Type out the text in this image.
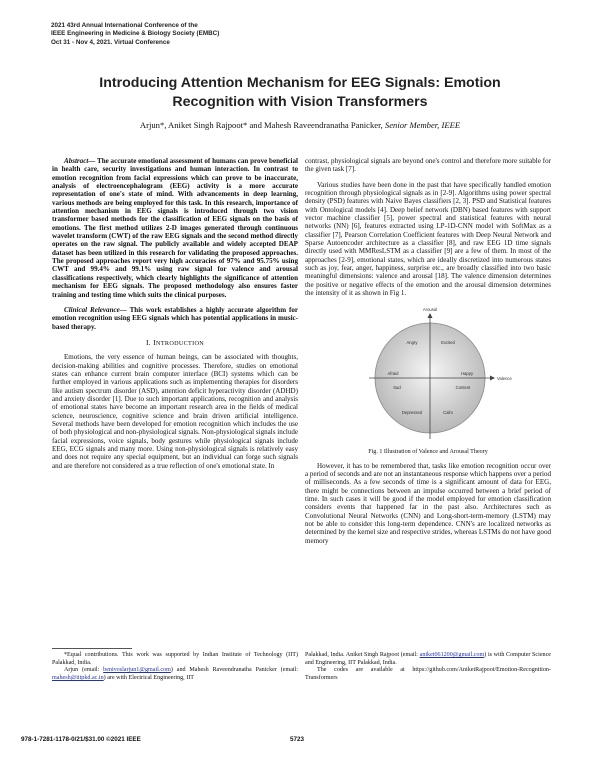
2021 43rd Annual International Conference of the
IEEE Engineering in Medicine & Biology Society (EMBC)
Oct 31 - Nov 4, 2021. Virtual Conference
Introducing Attention Mechanism for EEG Signals: Emotion
Recognition with Vision Transformers
Arjun*, Aniket Singh Rajpoot* and Mahesh Raveendranatha Panicker, Senior Member, IEEE

Abstract— The accurate emotional assessment of humans can prove beneficial in health care, security investigations and human interaction. In contrast to emotion recognition from facial expressions which can prove to be inaccurate, analysis of electroencephalogram (EEG) activity is a more accurate representation of one's state of mind. With advancements in deep learning, various methods are being employed for this task. In this research, importance of attention mechanism in EEG signals is introduced through two vision transformer based methods for the classification of EEG signals on the basis of emotions. The first method utilizes 2-D images generated through continuous wavelet transform (CWT) of the raw EEG signals and the second method directly operates on the raw signal. The publicly available and widely accepted DEAP dataset has been utilized in this research for validating the proposed approaches. The proposed approaches report very high accuracies of 97% and 95.75% using CWT and 99.4% and 99.1% using raw signal for valence and arousal classifications respectively, which clearly highlights the significance of attention mechanism for EEG signals. The proposed methodology also ensures faster training and testing time which suits the clinical purposes.

Clinical Relevance— This work establishes a highly accurate algorithm for emotion recognition using EEG signals which has potential applications in music-based therapy.

I. INTRODUCTION

Emotions, the very essence of human beings, can be associated with thoughts, decision-making abilities and cognitive processes. Therefore, studies on emotional states can enhance current brain computer interface (BCI) systems which can be further employed in various applications such as implementing therapies for disorders like autism spectrum disorder (ASD), attention deficit hyperactivity disorder (ADHD) and anxiety disorder [1]. Due to such important applications, recognition and analysis of emotional states have become an important research area in the fields of medical science, neuroscience, cognitive science and brain driven artificial intelligence. Several methods have been developed for emotion recognition which includes the use of both physiological and non-physiological signals. Non-physiological signals include facial expressions, voice signals, body gestures while physiological signals include EEG, ECG signals and many more. Using non-physiological signals is relatively easy and does not require any special equipment, but an individual can forge such signals and are therefore not considered as a true reflection of one's emotional state. In

contrast, physiological signals are beyond one's control and therefore more suitable for the given task [7].

Various studies have been done in the past that have specifically handled emotion recognition through physiological signals as in [2-9]. Algorithms using power spectral density (PSD) features with Naive Bayes classifiers [2, 3]. PSD and Statistical features with Ontological models [4]. Deep belief network (DBN) based features with support vector machine classifier [5], power spectral and statistical features with neural networks (NN) [6], features extracted using LP-1D-CNN model with SoftMax as a classifier [7], Pearson Correlation Coefficient features with Deep Neural Network and Sparse Autoencoder architecture as a classifier [8], and raw EEG 1D time signals directly used with MMResLSTM as a classifier [9] are a few of them. In most of the approaches [2-9], emotional states, which are ideally discretized into numerous states such as joy, fear, anger, happiness, surprise etc., are broadly classified into two basic meaningful dimensions: valence and arousal [18]. The valence dimension determines the positive or negative effects of the emotion and the arousal dimension determines the intensity of it as shown in Fig 1.

Arousal
Valence
Angry	Excited
Afraid	Happy
Sad	Content
Depressed	Calm

Fig. 1 Illustration of Valence and Arousal Theory

However, it has to be remembered that, tasks like emotion recognition occur over a period of seconds and are not an instantaneous response which happens over a period of milliseconds. As a few seconds of time is a significant amount of data for EEG, there might be connections between an impulse occurred between a brief period of time. In such cases it will be good if the model employed for emotion classification considers events that happened far in the past also. Architectures such as Convolutional Neural Networks (CNN) and Long-short-term-memory (LSTM) may not be able to consider this long-term dependence. CNN's are localized networks as determined by the kernel size and respective strides, whereas LSTMs do not have good memory

*Equal contributions. This work was supported by Indian Institute of Technology (IIT) Palakkad, India.

Arjun (email: benivoslarjun1@gmail.com) and Mahesh Raveendranatha Panicker (email: mahesh@iitpkd.ac.in) are with Electrical Engineering, IIT

Palakkad, India. Aniket Singh Rajpoot (email: aniket061200@gmail.com) is with Computer Science and Engineering, IIT Palakkad, India.

The codes are available at https://github.com/AniketRajpoot/Emotion-Recognition-Transformers

978-1-7281-1178-0/21/$31.00 ©2021 IEEE	5723
